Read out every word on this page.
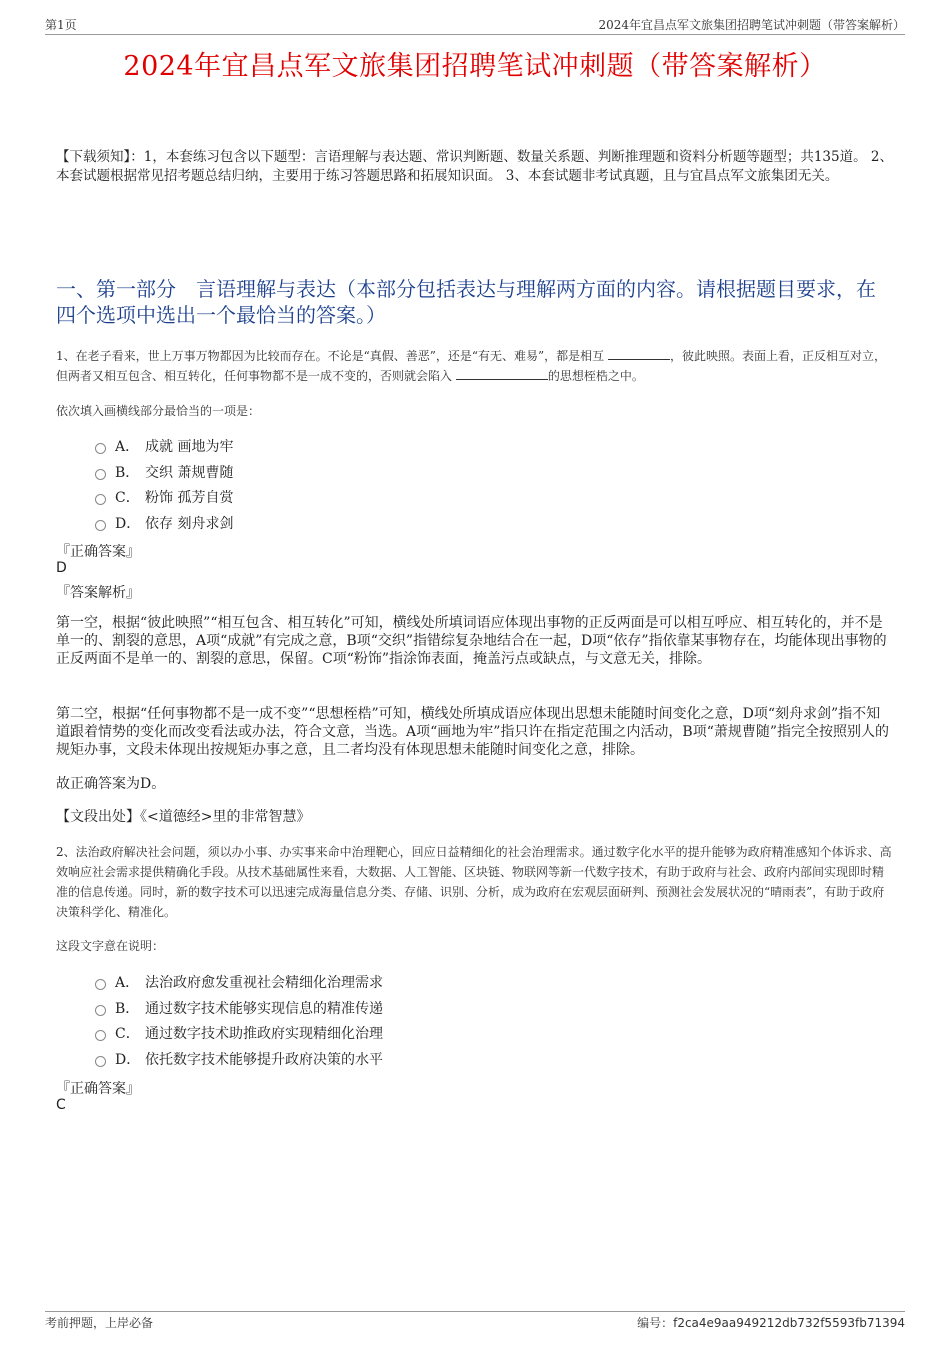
第1页	2024年宜昌点军文旅集团招聘笔试冲刺题（带答案解析）
2024年宜昌点军文旅集团招聘笔试冲刺题（带答案解析）
【下载须知】：1，本套练习包含以下题型：言语理解与表达题、常识判断题、数量关系题、判断推理题和资料分析题等题型；共135道。 2、本套试题根据常见招考题总结归纳，主要用于练习答题思路和拓展知识面。 3、本套试题非考试真题，且与宜昌点军文旅集团无关。
一、第一部分　言语理解与表达（本部分包括表达与理解两方面的内容。请根据题目要求，在四个选项中选出一个最恰当的答案。）
1、在老子看来，世上万事万物都因为比较而存在。不论是“真假、善恶”，还是“有无、难易”，都是相互	，彼此映照。表面上看，正反相互对立，但两者又相互包含、相互转化，任何事物都不是一成不变的，否则就会陷入	的思想桎梏之中。
依次填入画横线部分最恰当的一项是：
A． 成就 画地为牢
B． 交织 萧规曹随
C． 粉饰 孤芳自赏
D． 依存 刻舟求剑
『正确答案』
D
『答案解析』
第一空，根据“彼此映照”“相互包含、相互转化”可知，横线处所填词语应体现出事物的正反两面是可以相互呼应、相互转化的，并不是单一的、割裂的意思，A项“成就”有完成之意，B项“交织”指错综复杂地结合在一起，D项“依存”指依靠某事物存在，均能体现出事物的正反两面不是单一的、割裂的意思，保留。C项“粉饰”指涂饰表面，掩盖污点或缺点，与文意无关，排除。
第二空，根据“任何事物都不是一成不变”“思想桎梏”可知，横线处所填成语应体现出思想未能随时间变化之意，D项“刻舟求剑”指不知道跟着情势的变化而改变看法或办法，符合文意，当选。A项“画地为牢”指只许在指定范围之内活动，B项“萧规曹随”指完全按照别人的规矩办事，文段未体现出按规矩办事之意，且二者均没有体现思想未能随时间变化之意，排除。
故正确答案为D。
【文段出处】《<道德经>里的非常智慧》
2、法治政府解决社会问题，须以办小事、办实事来命中治理靶心，回应日益精细化的社会治理需求。通过数字化水平的提升能够为政府精准感知个体诉求、高效响应社会需求提供精确化手段。从技术基础属性来看，大数据、人工智能、区块链、物联网等新一代数字技术，有助于政府与社会、政府内部间实现即时精准的信息传递。同时，新的数字技术可以迅速完成海量信息分类、存储、识别、分析，成为政府在宏观层面研判、预测社会发展状况的“晴雨表”，有助于政府决策科学化、精准化。
这段文字意在说明：
A． 法治政府愈发重视社会精细化治理需求
B． 通过数字技术能够实现信息的精准传递
C． 通过数字技术助推政府实现精细化治理
D． 依托数字技术能够提升政府决策的水平
『正确答案』
C
考前押题，上岸必备	编号：f2ca4e9aa949212db732f5593fb71394
